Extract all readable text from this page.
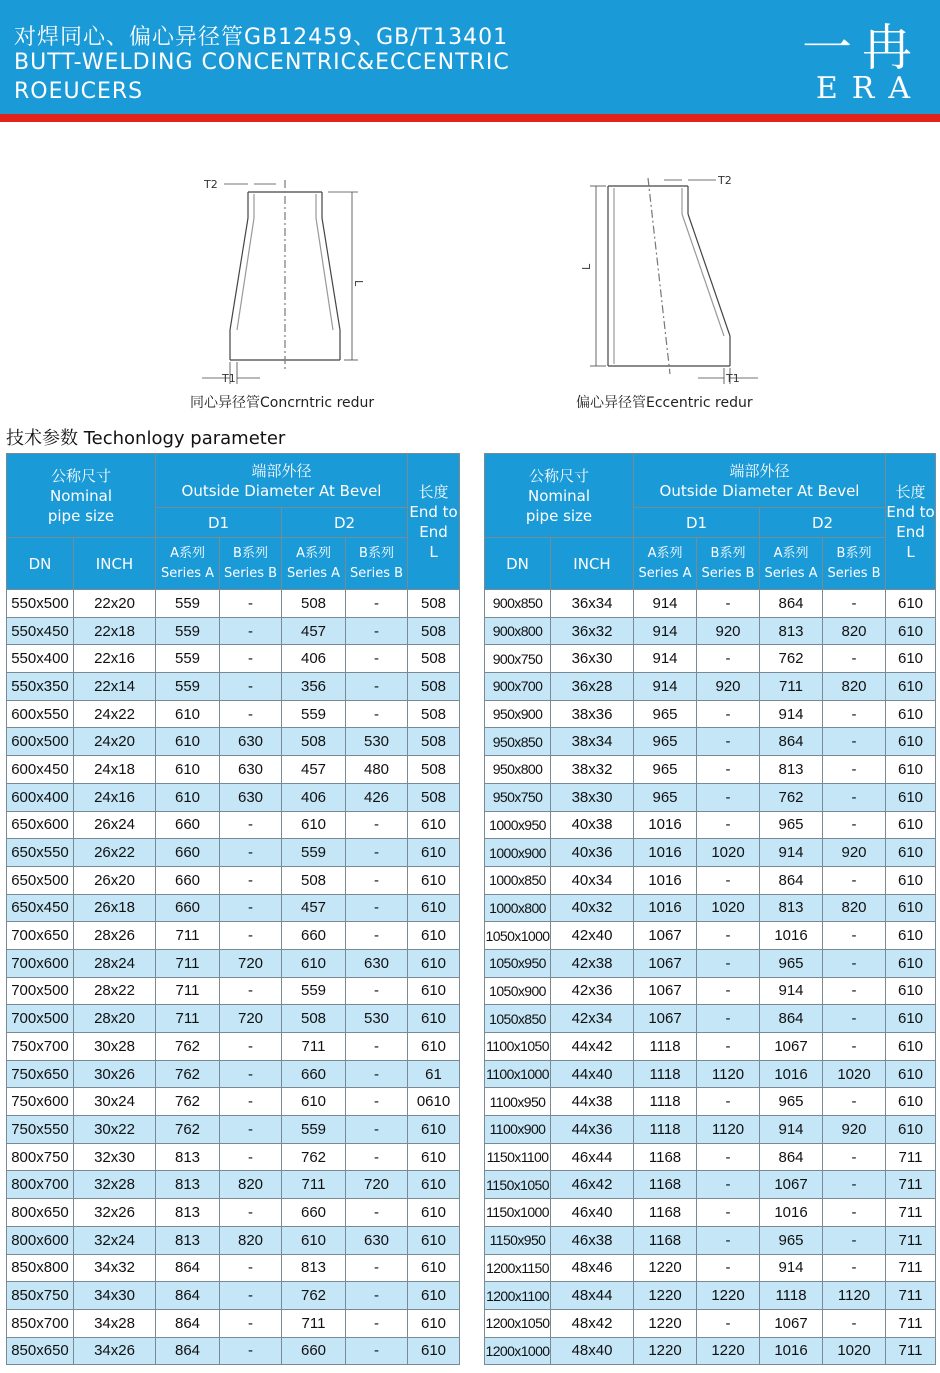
对焊同心、偏心异径管GB12459、GB/T13401
BUTT-WELDING CONCENTRIC&ECCENTRIC
ROEUCERS
一冉
ERA
T2
L
T1
同心异径管Concrntric redur
T2
L
T1
偏心异径管Eccentric redur
技术参数 Techonlogy parameter
公称尺寸
Nominal
pipe size		端部外径
Outside Diameter At Bevel				长度
End to
End
L
		D1		D2		
DN	INCH	A系列
Series A	B系列
Series B	A系列
Series A	B系列
Series B	
550x500	22x20	559	-	508	-	508
550x450	22x18	559	-	457	-	508
550x400	22x16	559	-	406	-	508
550x350	22x14	559	-	356	-	508
600x550	24x22	610	-	559	-	508
600x500	24x20	610	630	508	530	508
600x450	24x18	610	630	457	480	508
600x400	24x16	610	630	406	426	508
650x600	26x24	660	-	610	-	610
650x550	26x22	660	-	559	-	610
650x500	26x20	660	-	508	-	610
650x450	26x18	660	-	457	-	610
700x650	28x26	711	-	660	-	610
700x600	28x24	711	720	610	630	610
700x500	28x22	711	-	559	-	610
700x500	28x20	711	720	508	530	610
750x700	30x28	762	-	711	-	610
750x650	30x26	762	-	660	-	61
750x600	30x24	762	-	610	-	0610
750x550	30x22	762	-	559	-	610
800x750	32x30	813	-	762	-	610
800x700	32x28	813	820	711	720	610
800x650	32x26	813	-	660	-	610
800x600	32x24	813	820	610	630	610
850x800	34x32	864	-	813	-	610
850x750	34x30	864	-	762	-	610
850x700	34x28	864	-	711	-	610
850x650	34x26	864	-	660	-	610
公称尺寸
Nominal
pipe size		端部外径
Outside Diameter At Bevel				长度
End to
End
L
		D1		D2		
DN	INCH	A系列
Series A	B系列
Series B	A系列
Series A	B系列
Series B	
900x850	36x34	914	-	864	-	610
900x800	36x32	914	920	813	820	610
900x750	36x30	914	-	762	-	610
900x700	36x28	914	920	711	820	610
950x900	38x36	965	-	914	-	610
950x850	38x34	965	-	864	-	610
950x800	38x32	965	-	813	-	610
950x750	38x30	965	-	762	-	610
1000x950	40x38	1016	-	965	-	610
1000x900	40x36	1016	1020	914	920	610
1000x850	40x34	1016	-	864	-	610
1000x800	40x32	1016	1020	813	820	610
1050x1000	42x40	1067	-	1016	-	610
1050x950	42x38	1067	-	965	-	610
1050x900	42x36	1067	-	914	-	610
1050x850	42x34	1067	-	864	-	610
1100x1050	44x42	1118	-	1067	-	610
1100x1000	44x40	1118	1120	1016	1020	610
1100x950	44x38	1118	-	965	-	610
1100x900	44x36	1118	1120	914	920	610
1150x1100	46x44	1168	-	864	-	711
1150x1050	46x42	1168	-	1067	-	711
1150x1000	46x40	1168	-	1016	-	711
1150x950	46x38	1168	-	965	-	711
1200x1150	48x46	1220	-	914	-	711
1200x1100	48x44	1220	1220	1118	1120	711
1200x1050	48x42	1220	-	1067	-	711
1200x1000	48x40	1220	1220	1016	1020	711
